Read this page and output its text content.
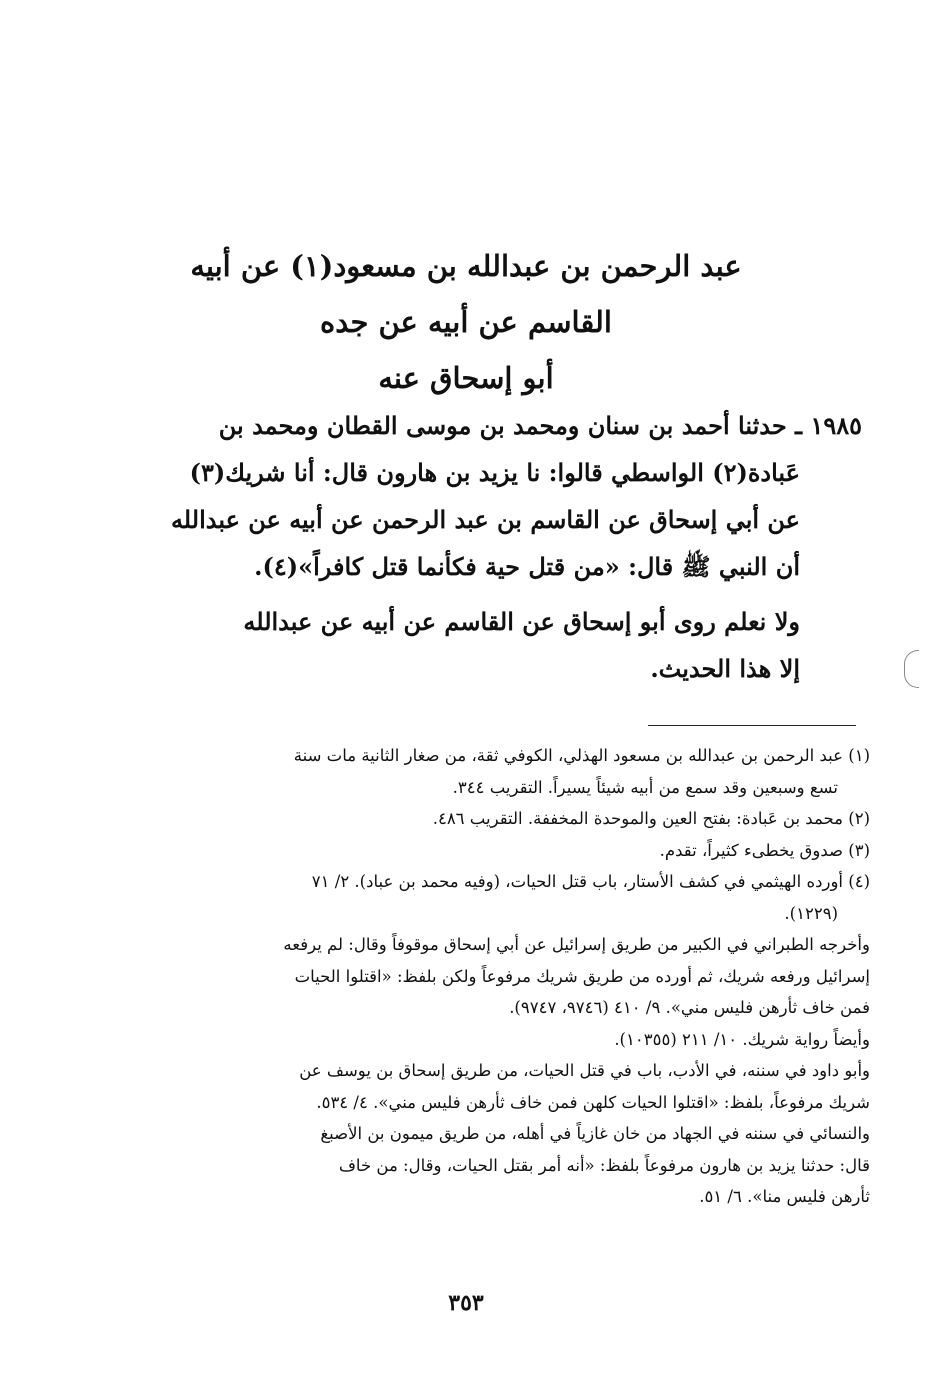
عبد الرحمن بن عبدالله بن مسعود(١) عن أبيه
القاسم عن أبيه عن جده
أبو إسحاق عنه
١٩٨٥ ـ حدثنا أحمد بن سنان ومحمد بن موسى القطان ومحمد بن
عَبادة(٢) الواسطي قالوا: نا يزيد بن هارون قال: أنا شريك(٣)
عن أبي إسحاق عن القاسم بن عبد الرحمن عن أبيه عن عبدالله
أن النبي ﷺ قال: «من قتل حية فكأنما قتل كافراً»(٤).
ولا نعلم روى أبو إسحاق عن القاسم عن أبيه عن عبدالله
إلا هذا الحديث.
(١) عبد الرحمن بن عبدالله بن مسعود الهذلي، الكوفي ثقة، من صغار الثانية مات سنة
تسع وسبعين وقد سمع من أبيه شيئاً يسيراً. التقريب ٣٤٤.
(٢) محمد بن عَبادة: بفتح العين والموحدة المخففة. التقريب ٤٨٦.
(٣) صدوق يخطىء كثيراً، تقدم.
(٤) أورده الهيثمي في كشف الأستار، باب قتل الحيات، (وفيه محمد بن عباد). ٢/ ٧١
(١٢٢٩).
وأخرجه الطبراني في الكبير من طريق إسرائيل عن أبي إسحاق موقوفاً وقال: لم يرفعه
إسرائيل ورفعه شريك، ثم أورده من طريق شريك مرفوعاً ولكن بلفظ: «اقتلوا الحيات
فمن خاف ثأرهن فليس مني». ٩/ ٤١٠ (٩٧٤٦، ٩٧٤٧).
وأيضاً رواية شريك. ١٠/ ٢١١ (١٠٣٥٥).
وأبو داود في سننه، في الأدب، باب في قتل الحيات، من طريق إسحاق بن يوسف عن
شريك مرفوعاً، بلفظ: «اقتلوا الحيات كلهن فمن خاف ثأرهن فليس مني». ٤/ ٥٣٤.
والنسائي في سننه في الجهاد من خان غازياً في أهله، من طريق ميمون بن الأصبغ
قال: حدثنا يزيد بن هارون مرفوعاً بلفظ: «أنه أمر بقتل الحيات، وقال: من خاف
ثأرهن فليس منا». ٦/ ٥١.
٣٥٣
